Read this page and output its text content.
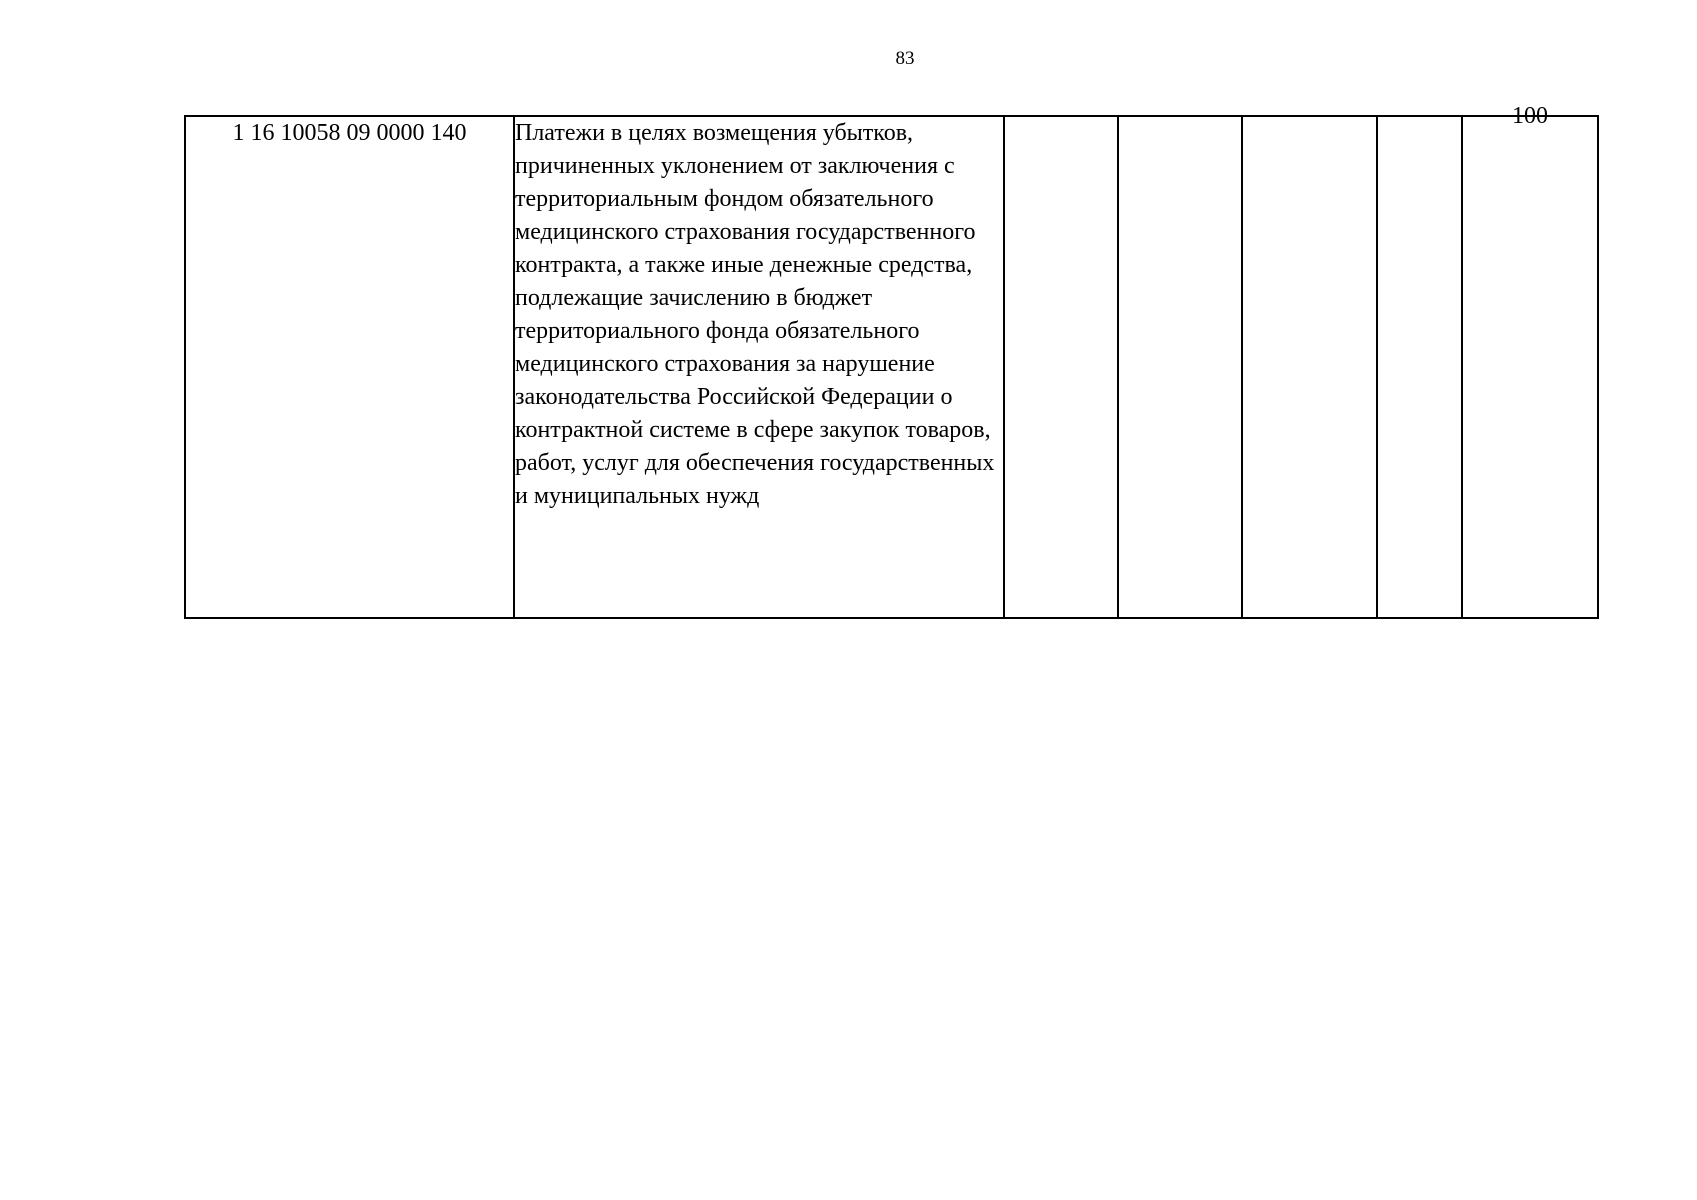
83
1 16 10058 09 0000 140	Платежи в целях возмещения убытков, причиненных уклонением от заключения с территориальным фондом обязательного медицинского страхования государственного контракта, а также иные денежные средства, подлежащие зачислению в бюджет территориального фонда обязательного медицинского страхования за нарушение законодательства Российской Федерации о контрактной системе в сфере закупок товаров, работ, услуг для обеспечения государственных и муниципальных нужд					
100
